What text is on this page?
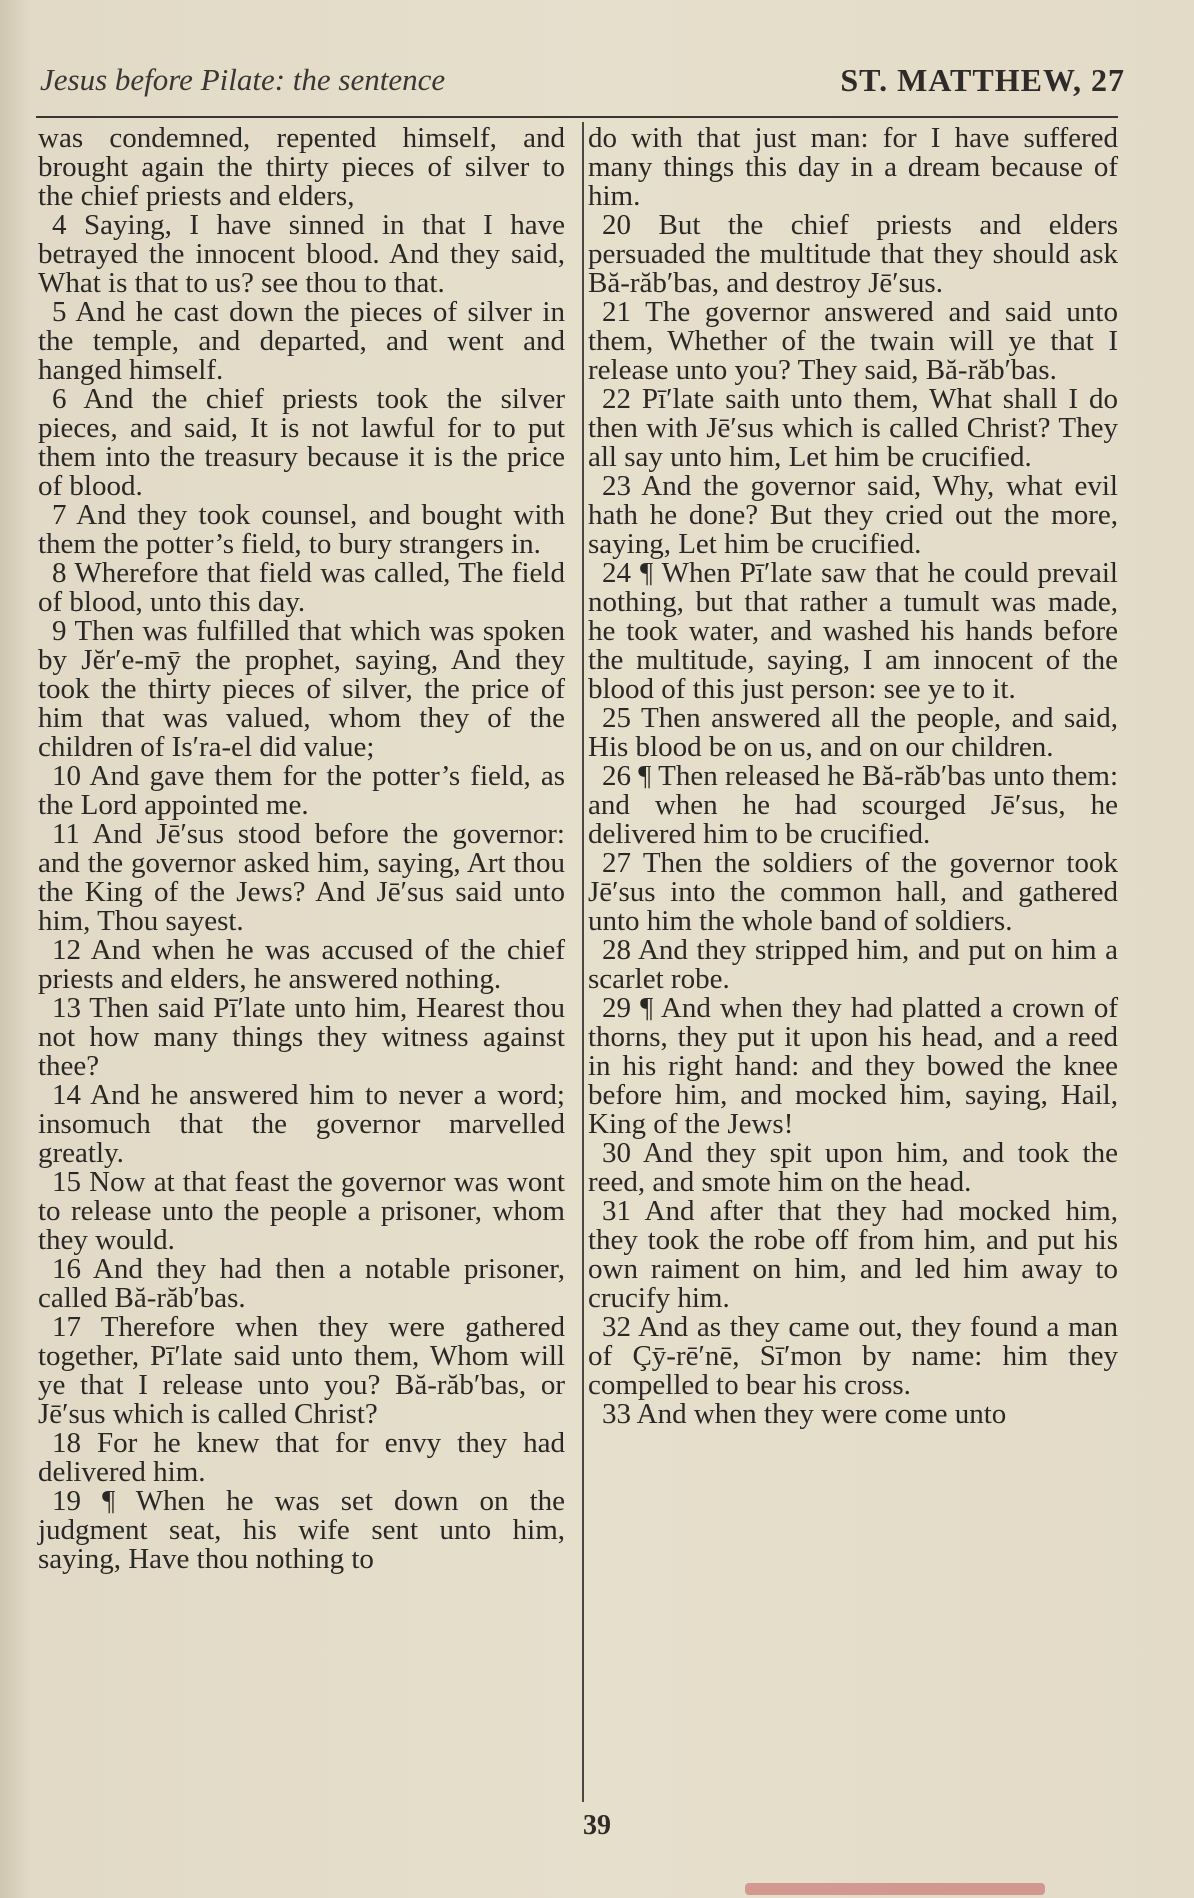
Jesus before Pilate: the sentence	ST. MATTHEW, 27

was condemned, repented himself, and brought again the thirty pieces of silver to the chief priests and elders,

4 Saying, I have sinned in that I have betrayed the innocent blood. And they said, What is that to us? see thou to that.

5 And he cast down the pieces of silver in the temple, and departed, and went and hanged himself.

6 And the chief priests took the silver pieces, and said, It is not lawful for to put them into the treasury because it is the price of blood.

7 And they took counsel, and bought with them the potter’s field, to bury strangers in.

8 Wherefore that field was called, The field of blood, unto this day.

9 Then was fulfilled that which was spoken by Jĕr′e-mȳ the prophet, saying, And they took the thirty pieces of silver, the price of him that was valued, whom they of the children of Is′ra-el did value;

10 And gave them for the potter’s field, as the Lord appointed me.

11 And Jē′sus stood before the governor: and the governor asked him, saying, Art thou the King of the Jews? And Jē′sus said unto him, Thou sayest.

12 And when he was accused of the chief priests and elders, he answered nothing.

13 Then said Pī′late unto him, Hearest thou not how many things they witness against thee?

14 And he answered him to never a word; insomuch that the governor marvelled greatly.

15 Now at that feast the governor was wont to release unto the people a prisoner, whom they would.

16 And they had then a notable prisoner, called Bă-răb′bas.

17 Therefore when they were gathered together, Pī′late said unto them, Whom will ye that I release unto you? Bă-răb′bas, or Jē′sus which is called Christ?

18 For he knew that for envy they had delivered him.

19 ¶ When he was set down on the judgment seat, his wife sent unto him, saying, Have thou nothing to

do with that just man: for I have suffered many things this day in a dream because of him.

20 But the chief priests and elders persuaded the multitude that they should ask Bă-răb′bas, and destroy Jē′sus.

21 The governor answered and said unto them, Whether of the twain will ye that I release unto you? They said, Bă-răb′bas.

22 Pī′late saith unto them, What shall I do then with Jē′sus which is called Christ? They all say unto him, Let him be crucified.

23 And the governor said, Why, what evil hath he done? But they cried out the more, saying, Let him be crucified.

24 ¶ When Pī′late saw that he could prevail nothing, but that rather a tumult was made, he took water, and washed his hands before the multitude, saying, I am innocent of the blood of this just person: see ye to it.

25 Then answered all the people, and said, His blood be on us, and on our children.

26 ¶ Then released he Bă-răb′bas unto them: and when he had scourged Jē′sus, he delivered him to be crucified.

27 Then the soldiers of the governor took Jē′sus into the common hall, and gathered unto him the whole band of soldiers.

28 And they stripped him, and put on him a scarlet robe.

29 ¶ And when they had platted a crown of thorns, they put it upon his head, and a reed in his right hand: and they bowed the knee before him, and mocked him, saying, Hail, King of the Jews!

30 And they spit upon him, and took the reed, and smote him on the head.

31 And after that they had mocked him, they took the robe off from him, and put his own raiment on him, and led him away to crucify him.

32 And as they came out, they found a man of Çȳ-rē′nē, Sī′mon by name: him they compelled to bear his cross.

33 And when they were come unto

39
